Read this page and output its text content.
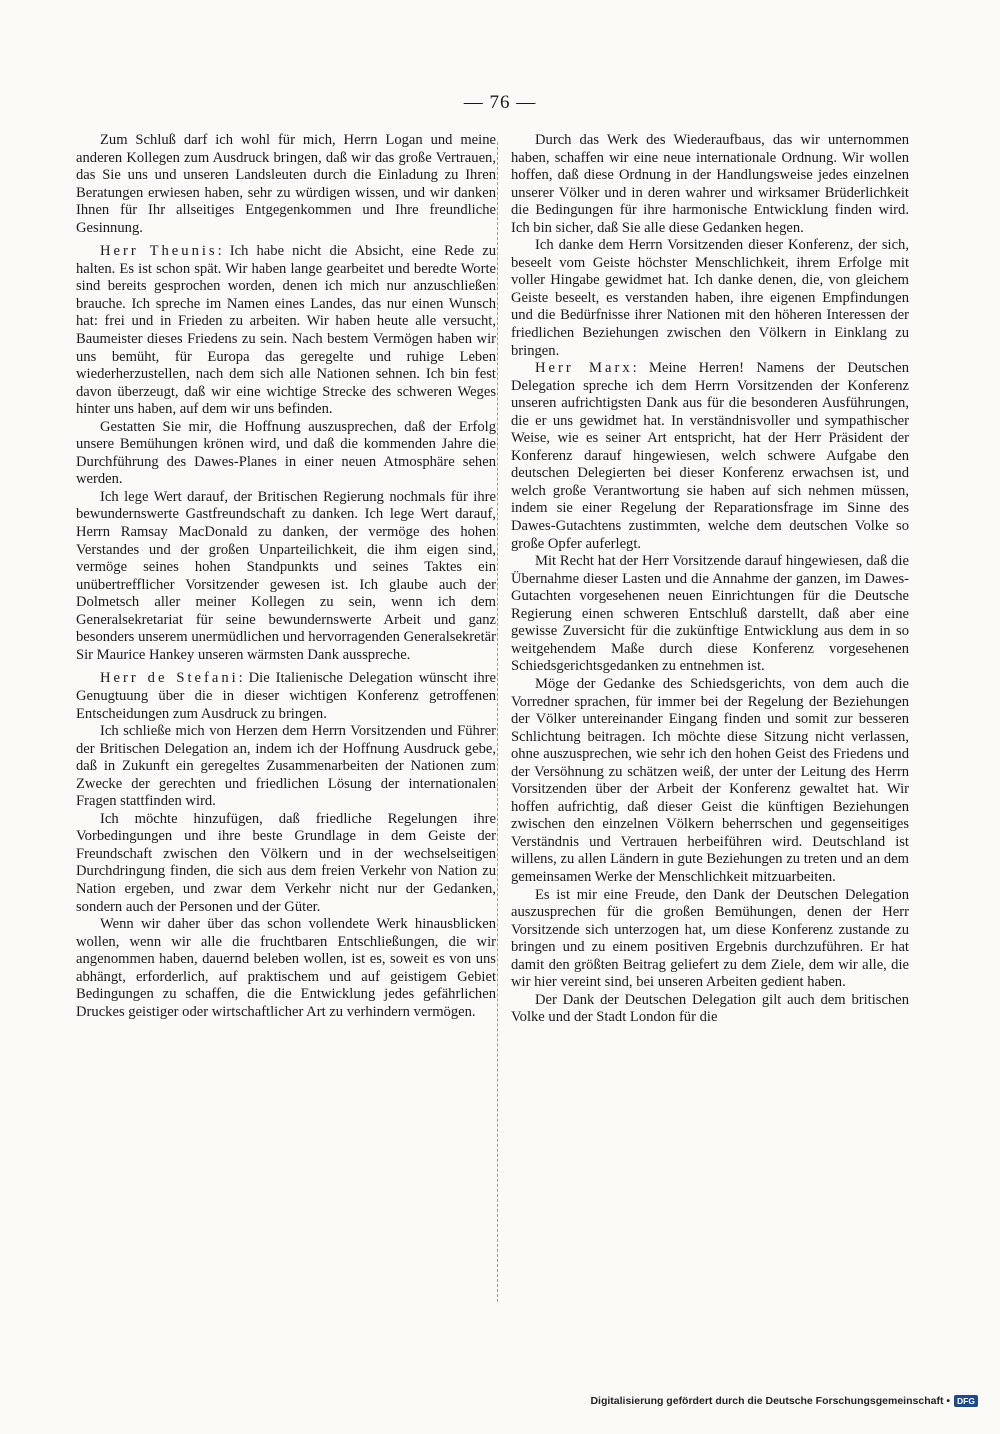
— 76 —

Zum Schluß darf ich wohl für mich, Herrn Logan und meine anderen Kollegen zum Ausdruck bringen, daß wir das große Vertrauen, das Sie uns und unseren Landsleuten durch die Einladung zu Ihren Beratungen erwiesen haben, sehr zu würdigen wissen, und wir danken Ihnen für Ihr allseitiges Entgegenkommen und Ihre freundliche Gesinnung.

Herr Theunis: Ich habe nicht die Absicht, eine Rede zu halten. Es ist schon spät. Wir haben lange gearbeitet und beredte Worte sind bereits gesprochen worden, denen ich mich nur anzuschließen brauche. Ich spreche im Namen eines Landes, das nur einen Wunsch hat: frei und in Frieden zu arbeiten. Wir haben heute alle versucht, Baumeister dieses Friedens zu sein. Nach bestem Vermögen haben wir uns bemüht, für Europa das geregelte und ruhige Leben wiederherzustellen, nach dem sich alle Nationen sehnen. Ich bin fest davon überzeugt, daß wir eine wichtige Strecke des schweren Weges hinter uns haben, auf dem wir uns befinden.

Gestatten Sie mir, die Hoffnung auszusprechen, daß der Erfolg unsere Bemühungen krönen wird, und daß die kommenden Jahre die Durchführung des Dawes-Planes in einer neuen Atmosphäre sehen werden.

Ich lege Wert darauf, der Britischen Regierung nochmals für ihre bewundernswerte Gastfreundschaft zu danken. Ich lege Wert darauf, Herrn Ramsay MacDonald zu danken, der vermöge des hohen Verstandes und der großen Unparteilichkeit, die ihm eigen sind, vermöge seines hohen Standpunkts und seines Taktes ein unübertrefflicher Vorsitzender gewesen ist. Ich glaube auch der Dolmetsch aller meiner Kollegen zu sein, wenn ich dem Generalsekretariat für seine bewundernswerte Arbeit und ganz besonders unserem unermüdlichen und hervorragenden Generalsekretär Sir Maurice Hankey unseren wärmsten Dank ausspreche.

Herr de Stefani: Die Italienische Delegation wünscht ihre Genugtuung über die in dieser wichtigen Konferenz getroffenen Entscheidungen zum Ausdruck zu bringen.

Ich schließe mich von Herzen dem Herrn Vorsitzenden und Führer der Britischen Delegation an, indem ich der Hoffnung Ausdruck gebe, daß in Zukunft ein geregeltes Zusammenarbeiten der Nationen zum Zwecke der gerechten und friedlichen Lösung der internationalen Fragen stattfinden wird.

Ich möchte hinzufügen, daß friedliche Regelungen ihre Vorbedingungen und ihre beste Grundlage in dem Geiste der Freundschaft zwischen den Völkern und in der wechselseitigen Durchdringung finden, die sich aus dem freien Verkehr von Nation zu Nation ergeben, und zwar dem Verkehr nicht nur der Gedanken, sondern auch der Personen und der Güter.

Wenn wir daher über das schon vollendete Werk hinausblicken wollen, wenn wir alle die fruchtbaren Entschließungen, die wir angenommen haben, dauernd beleben wollen, ist es, soweit es von uns abhängt, erforderlich, auf praktischem und auf geistigem Gebiet Bedingungen zu schaffen, die die Entwicklung jedes gefährlichen Druckes geistiger oder wirtschaftlicher Art zu verhindern vermögen.

Durch das Werk des Wiederaufbaus, das wir unternommen haben, schaffen wir eine neue internationale Ordnung. Wir wollen hoffen, daß diese Ordnung in der Handlungsweise jedes einzelnen unserer Völker und in deren wahrer und wirksamer Brüderlichkeit die Bedingungen für ihre harmonische Entwicklung finden wird. Ich bin sicher, daß Sie alle diese Gedanken hegen.

Ich danke dem Herrn Vorsitzenden dieser Konferenz, der sich, beseelt vom Geiste höchster Menschlichkeit, ihrem Erfolge mit voller Hingabe gewidmet hat. Ich danke denen, die, von gleichem Geiste beseelt, es verstanden haben, ihre eigenen Empfindungen und die Bedürfnisse ihrer Nationen mit den höheren Interessen der friedlichen Beziehungen zwischen den Völkern in Einklang zu bringen.

Herr Marx: Meine Herren! Namens der Deutschen Delegation spreche ich dem Herrn Vorsitzenden der Konferenz unseren aufrichtigsten Dank aus für die besonderen Ausführungen, die er uns gewidmet hat. In verständnisvoller und sympathischer Weise, wie es seiner Art entspricht, hat der Herr Präsident der Konferenz darauf hingewiesen, welch schwere Aufgabe den deutschen Delegierten bei dieser Konferenz erwachsen ist, und welch große Verantwortung sie haben auf sich nehmen müssen, indem sie einer Regelung der Reparationsfrage im Sinne des Dawes-Gutachtens zustimmten, welche dem deutschen Volke so große Opfer auferlegt.

Mit Recht hat der Herr Vorsitzende darauf hingewiesen, daß die Übernahme dieser Lasten und die Annahme der ganzen, im Dawes-Gutachten vorgesehenen neuen Einrichtungen für die Deutsche Regierung einen schweren Entschluß darstellt, daß aber eine gewisse Zuversicht für die zukünftige Entwicklung aus dem in so weitgehendem Maße durch diese Konferenz vorgesehenen Schiedsgerichtsgedanken zu entnehmen ist.

Möge der Gedanke des Schiedsgerichts, von dem auch die Vorredner sprachen, für immer bei der Regelung der Beziehungen der Völker untereinander Eingang finden und somit zur besseren Schlichtung beitragen. Ich möchte diese Sitzung nicht verlassen, ohne auszusprechen, wie sehr ich den hohen Geist des Friedens und der Versöhnung zu schätzen weiß, der unter der Leitung des Herrn Vorsitzenden über der Arbeit der Konferenz gewaltet hat. Wir hoffen aufrichtig, daß dieser Geist die künftigen Beziehungen zwischen den einzelnen Völkern beherrschen und gegenseitiges Verständnis und Vertrauen herbeiführen wird. Deutschland ist willens, zu allen Ländern in gute Beziehungen zu treten und an dem gemeinsamen Werke der Menschlichkeit mitzuarbeiten.

Es ist mir eine Freude, den Dank der Deutschen Delegation auszusprechen für die großen Bemühungen, denen der Herr Vorsitzende sich unterzogen hat, um diese Konferenz zustande zu bringen und zu einem positiven Ergebnis durchzuführen. Er hat damit den größten Beitrag geliefert zu dem Ziele, dem wir alle, die wir hier vereint sind, bei unseren Arbeiten gedient haben.

Der Dank der Deutschen Delegation gilt auch dem britischen Volke und der Stadt London für die

Digitalisierung gefördert durch die Deutsche Forschungsgemeinschaft • DFG
